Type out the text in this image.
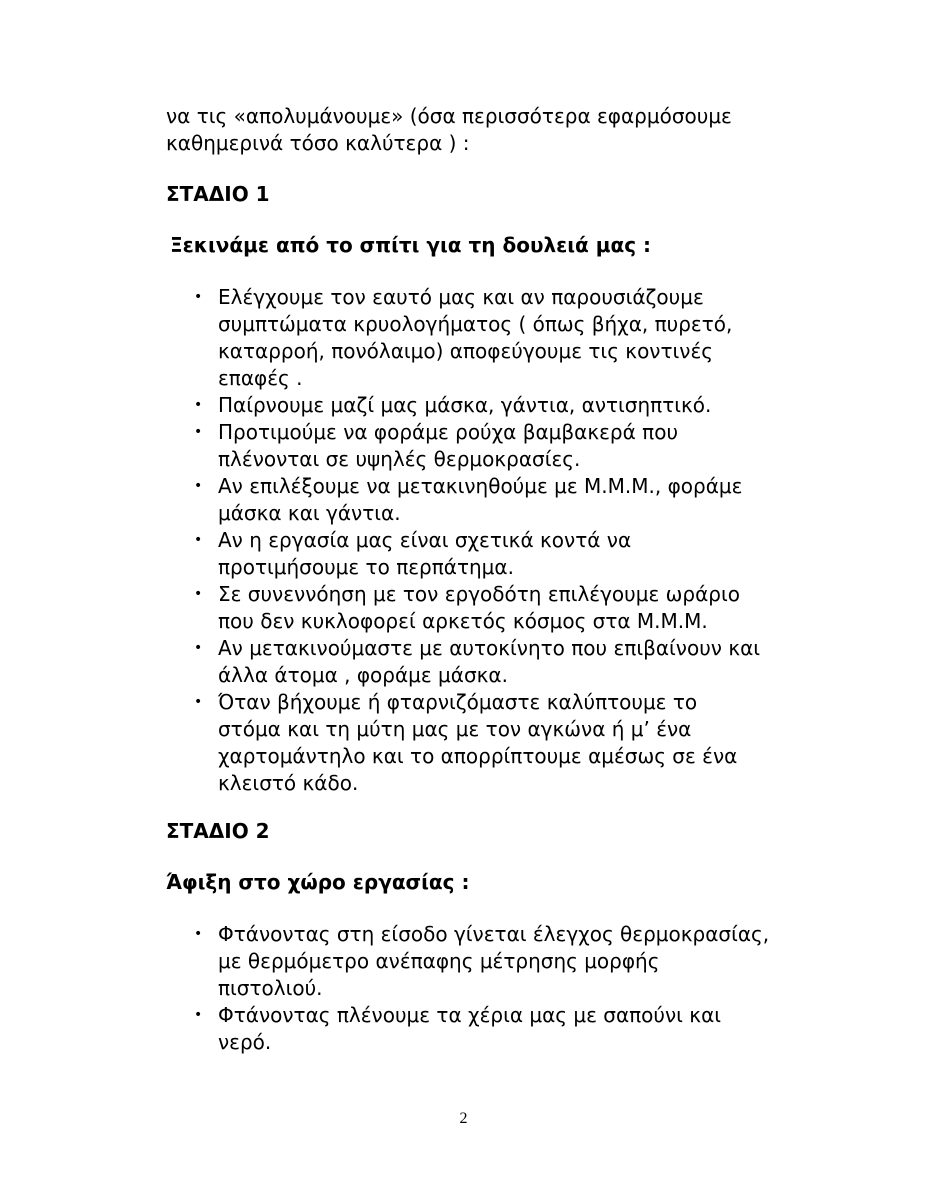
να τις «απολυμάνουμε» (όσα περισσότερα εφαρμόσουμε
καθημερινά τόσο καλύτερα ) :

ΣΤΑΔΙΟ 1
Ξεκινάμε από το σπίτι για τη δουλειά μας :
• Ελέγχουμε τον εαυτό μας και αν παρουσιάζουμε
συμπτώματα κρυολογήματος ( όπως βήχα, πυρετό,
καταρροή, πονόλαιμο) αποφεύγουμε τις κοντινές
επαφές .
• Παίρνουμε μαζί μας μάσκα, γάντια, αντισηπτικό.
• Προτιμούμε να φοράμε ρούχα βαμβακερά που
πλένονται σε υψηλές θερμοκρασίες.
• Αν επιλέξουμε να μετακινηθούμε με Μ.Μ.Μ., φοράμε
μάσκα και γάντια.
• Αν η εργασία μας είναι σχετικά κοντά να
προτιμήσουμε το περπάτημα.
• Σε συνεννόηση με τον εργοδότη επιλέγουμε ωράριο
που δεν κυκλοφορεί αρκετός κόσμος στα Μ.Μ.Μ.
• Αν μετακινούμαστε με αυτοκίνητο που επιβαίνουν και
άλλα άτομα , φοράμε μάσκα.
• Όταν βήχουμε ή φταρνιζόμαστε καλύπτουμε το
στόμα και τη μύτη μας με τον αγκώνα ή μ’ ένα
χαρτομάντηλο και το απορρίπτουμε αμέσως σε ένα
κλειστό κάδο.
ΣΤΑΔΙΟ 2
Άφιξη στο χώρο εργασίας :
• Φτάνοντας στη είσοδο γίνεται έλεγχος θερμοκρασίας,
με θερμόμετρο ανέπαφης μέτρησης μορφής
πιστολιού.
• Φτάνοντας πλένουμε τα χέρια μας με σαπούνι και
νερό.
2
